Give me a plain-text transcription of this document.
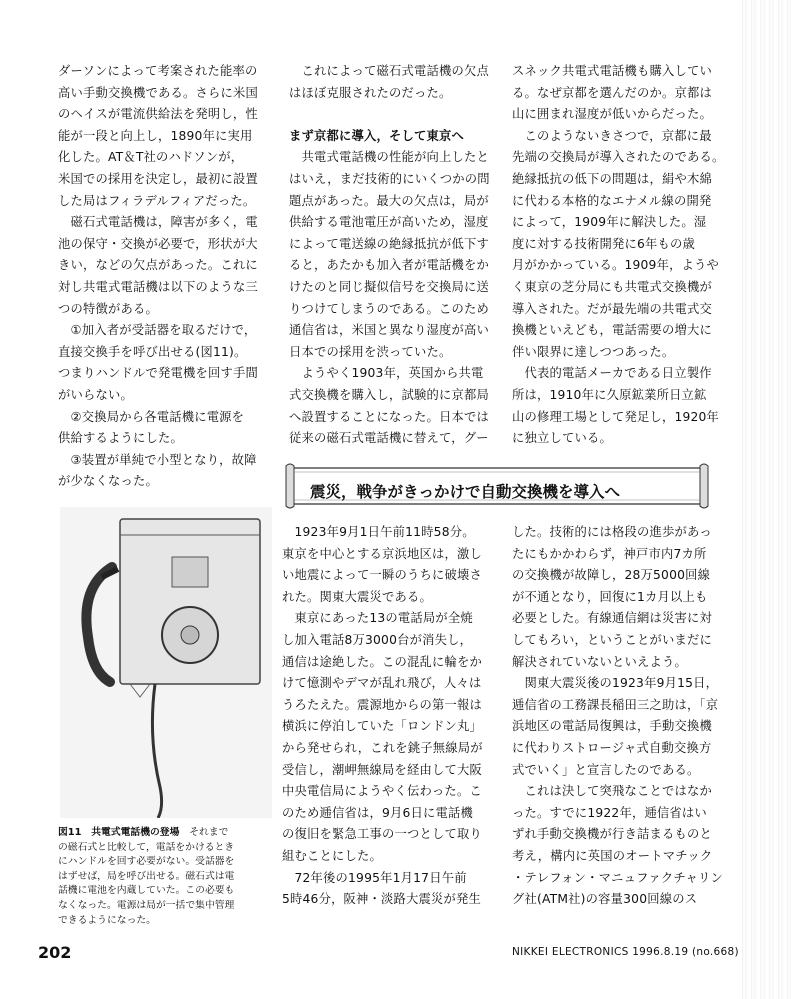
ダーソンによって考案された能率の

高い手動交換機である。さらに米国

のヘイスが電流供給法を発明し，性

能が一段と向上し，1890年に実用

化した。AT＆T社のハドソンが，

米国での採用を決定し，最初に設置

した局はフィラデルフィアだった。

　磁石式電話機は，障害が多く，電

池の保守・交換が必要で，形状が大

きい，などの欠点があった。これに

対し共電式電話機は以下のような三

つの特徴がある。

　①加入者が受話器を取るだけで，

直接交換手を呼び出せる(図11)。

つまりハンドルで発電機を回す手間

がいらない。

　②交換局から各電話機に電源を

供給するようにした。

　③装置が単純で小型となり，故障

が少なくなった。

　これによって磁石式電話機の欠点

はほぼ克服されたのだった。

まず京都に導入，そして東京へ

　共電式電話機の性能が向上したと

はいえ，まだ技術的にいくつかの問

題点があった。最大の欠点は，局が

供給する電池電圧が高いため，湿度

によって電送線の絶縁抵抗が低下す

ると，あたかも加入者が電話機をか

けたのと同じ擬似信号を交換局に送

りつけてしまうのである。このため

通信省は，米国と異なり湿度が高い

日本での採用を渋っていた。

　ようやく1903年，英国から共電

式交換機を購入し，試験的に京都局

へ設置することになった。日本では

従来の磁石式電話機に替えて，グー

スネック共電式電話機も購入してい

る。なぜ京都を選んだのか。京都は

山に囲まれ湿度が低いからだった。

　このようないきさつで，京都に最

先端の交換局が導入されたのである。

絶縁抵抗の低下の問題は，絹や木綿

に代わる本格的なエナメル線の開発

によって，1909年に解決した。湿

度に対する技術開発に6年もの歳

月がかかっている。1909年，ようや

く東京の芝分局にも共電式交換機が

導入された。だが最先端の共電式交

換機といえども，電話需要の増大に

伴い限界に達しつつあった。

　代表的電話メーカである日立製作

所は，1910年に久原鉱業所日立鉱

山の修理工場として発足し，1920年

に独立している。

震災，戦争がきっかけで自動交換機を導入へ

図11　共電式電話機の登場　それまで

の磁石式と比較して，電話をかけるとき

にハンドルを回す必要がない。受話器を

はずせば，局を呼び出せる。磁石式は電

話機に電池を内蔵していた。この必要も

なくなった。電源は局が一括で集中管理

できるようになった。

　1923年9月1日午前11時58分。

東京を中心とする京浜地区は，激し

い地震によって一瞬のうちに破壊さ

れた。関東大震災である。

　東京にあった13の電話局が全焼

し加入電話8万3000台が消失し，

通信は途絶した。この混乱に輪をか

けて憶測やデマが乱れ飛び，人々は

うろたえた。震源地からの第一報は

横浜に停泊していた「ロンドン丸」

から発せられ，これを銚子無線局が

受信し，潮岬無線局を経由して大阪

中央電信局にようやく伝わった。こ

のため逓信省は，9月6日に電話機

の復旧を緊急工事の一つとして取り

組むことにした。

　72年後の1995年1月17日午前

5時46分，阪神・淡路大震災が発生

した。技術的には格段の進歩があっ

たにもかかわらず，神戸市内7カ所

の交換機が故障し，28万5000回線

が不通となり，回復に1カ月以上も

必要とした。有線通信網は災害に対

してもろい，ということがいまだに

解決されていないといえよう。

　関東大震災後の1923年9月15日，

逓信省の工務課長稲田三之助は，「京

浜地区の電話局復興は，手動交換機

に代わりストロージャ式自動交換方

式でいく」と宣言したのである。

　これは決して突飛なことではなか

った。すでに1922年，逓信省はい

ずれ手動交換機が行き詰まるものと

考え，構内に英国のオートマチック

・テレフォン・マニュファクチャリン

グ社(ATM社)の容量300回線のス

202	NIKKEI ELECTRONICS 1996.8.19 (no.668)
